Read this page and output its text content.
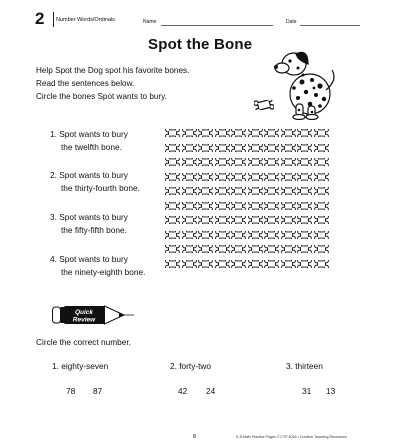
2 Number Words/Ordinals	Name	Date
Spot the Bone
Help Spot the Dog spot his favorite bones.
Read the sentences below.
Circle the bones Spot wants to bury.
1. Spot wants to bury
the twelfth bone.
2. Spot wants to bury
the thirty-fourth bone.
3. Spot wants to bury
the fifty-fifth bone.
4. Spot wants to bury
the ninety-eighth bone.
Quick
Review
Circle the correct number.
1. eighty-seven	2. forty-two	3. thirteen
78 87	42 24	31 13
8	K-8 Math Practice Pages © CTP 5016 • Creative Teaching Resources
